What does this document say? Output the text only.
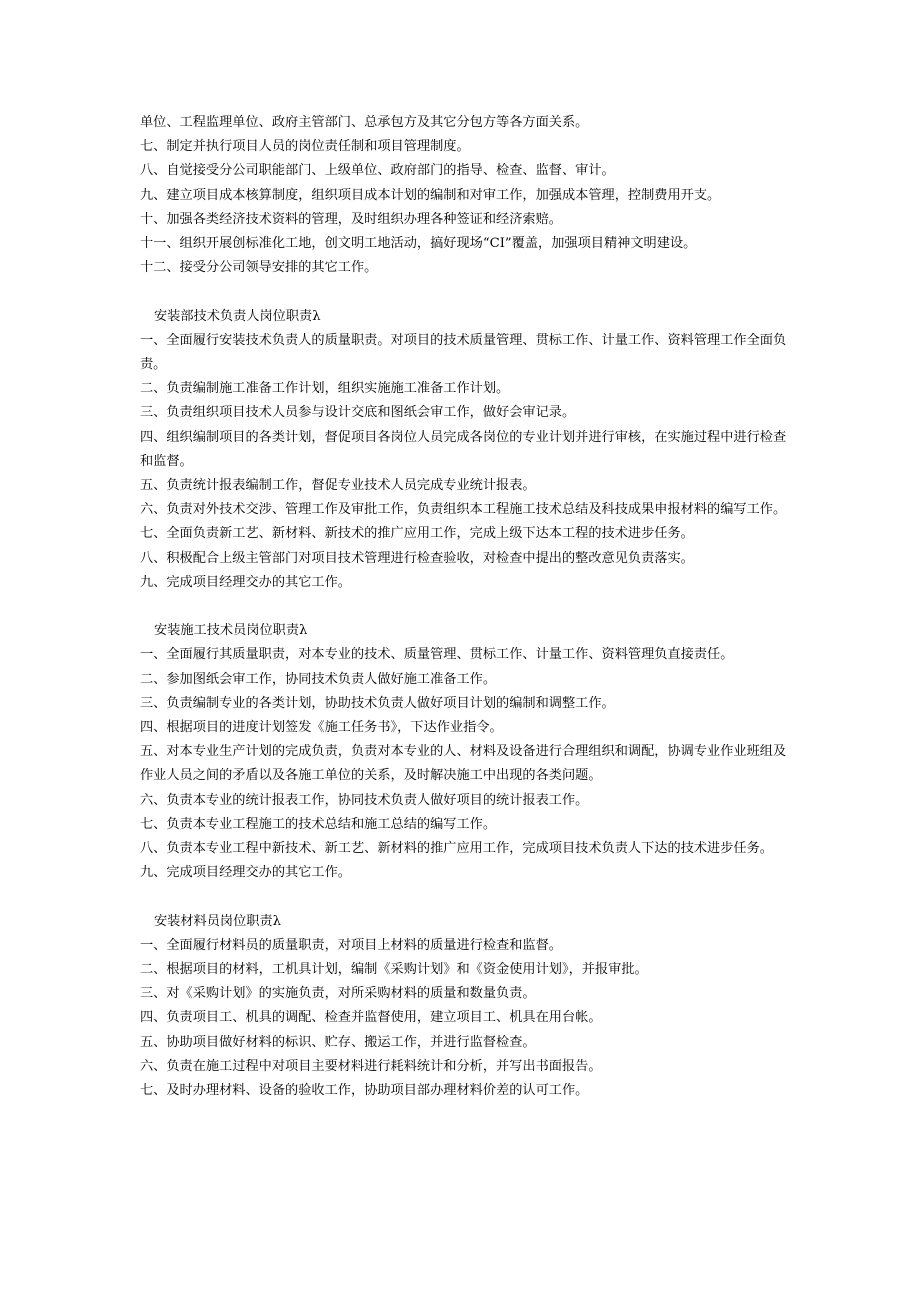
单位、工程监理单位、政府主管部门、总承包方及其它分包方等各方面关系。

七、制定并执行项目人员的岗位责任制和项目管理制度。

八、自觉接受分公司职能部门、上级单位、政府部门的指导、检查、监督、审计。

九、建立项目成本核算制度，组织项目成本计划的编制和对审工作，加强成本管理，控制费用开支。

十、加强各类经济技术资料的管理，及时组织办理各种签证和经济索赔。

十一、组织开展创标准化工地，创文明工地活动，搞好现场“CI”覆盖，加强项目精神文明建设。

十二、接受分公司领导安排的其它工作。

安装部技术负责人岗位职责λ

一、全面履行安装技术负责人的质量职责。对项目的技术质量管理、贯标工作、计量工作、资料管理工作全面负责。

二、负责编制施工准备工作计划，组织实施施工准备工作计划。

三、负责组织项目技术人员参与设计交底和图纸会审工作，做好会审记录。

四、组织编制项目的各类计划，督促项目各岗位人员完成各岗位的专业计划并进行审核，在实施过程中进行检查和监督。

五、负责统计报表编制工作，督促专业技术人员完成专业统计报表。

六、负责对外技术交涉、管理工作及审批工作，负责组织本工程施工技术总结及科技成果申报材料的编写工作。

七、全面负责新工艺、新材料、新技术的推广应用工作，完成上级下达本工程的技术进步任务。

八、积极配合上级主管部门对项目技术管理进行检查验收，对检查中提出的整改意见负责落实。

九、完成项目经理交办的其它工作。

安装施工技术员岗位职责λ

一、全面履行其质量职责，对本专业的技术、质量管理、贯标工作、计量工作、资料管理负直接责任。

二、参加图纸会审工作，协同技术负责人做好施工准备工作。

三、负责编制专业的各类计划，协助技术负责人做好项目计划的编制和调整工作。

四、根据项目的进度计划签发《施工任务书》，下达作业指令。

五、对本专业生产计划的完成负责，负责对本专业的人、材料及设备进行合理组织和调配，协调专业作业班组及作业人员之间的矛盾以及各施工单位的关系，及时解决施工中出现的各类问题。

六、负责本专业的统计报表工作，协同技术负责人做好项目的统计报表工作。

七、负责本专业工程施工的技术总结和施工总结的编写工作。

八、负责本专业工程中新技术、新工艺、新材料的推广应用工作，完成项目技术负责人下达的技术进步任务。

九、完成项目经理交办的其它工作。

安装材料员岗位职责λ

一、全面履行材料员的质量职责，对项目上材料的质量进行检查和监督。

二、根据项目的材料，工机具计划，编制《采购计划》和《资金使用计划》，并报审批。

三、对《采购计划》的实施负责，对所采购材料的质量和数量负责。

四、负责项目工、机具的调配、检查并监督使用，建立项目工、机具在用台帐。

五、协助项目做好材料的标识、贮存、搬运工作，并进行监督检查。

六、负责在施工过程中对项目主要材料进行耗料统计和分析，并写出书面报告。

七、及时办理材料、设备的验收工作，协助项目部办理材料价差的认可工作。
